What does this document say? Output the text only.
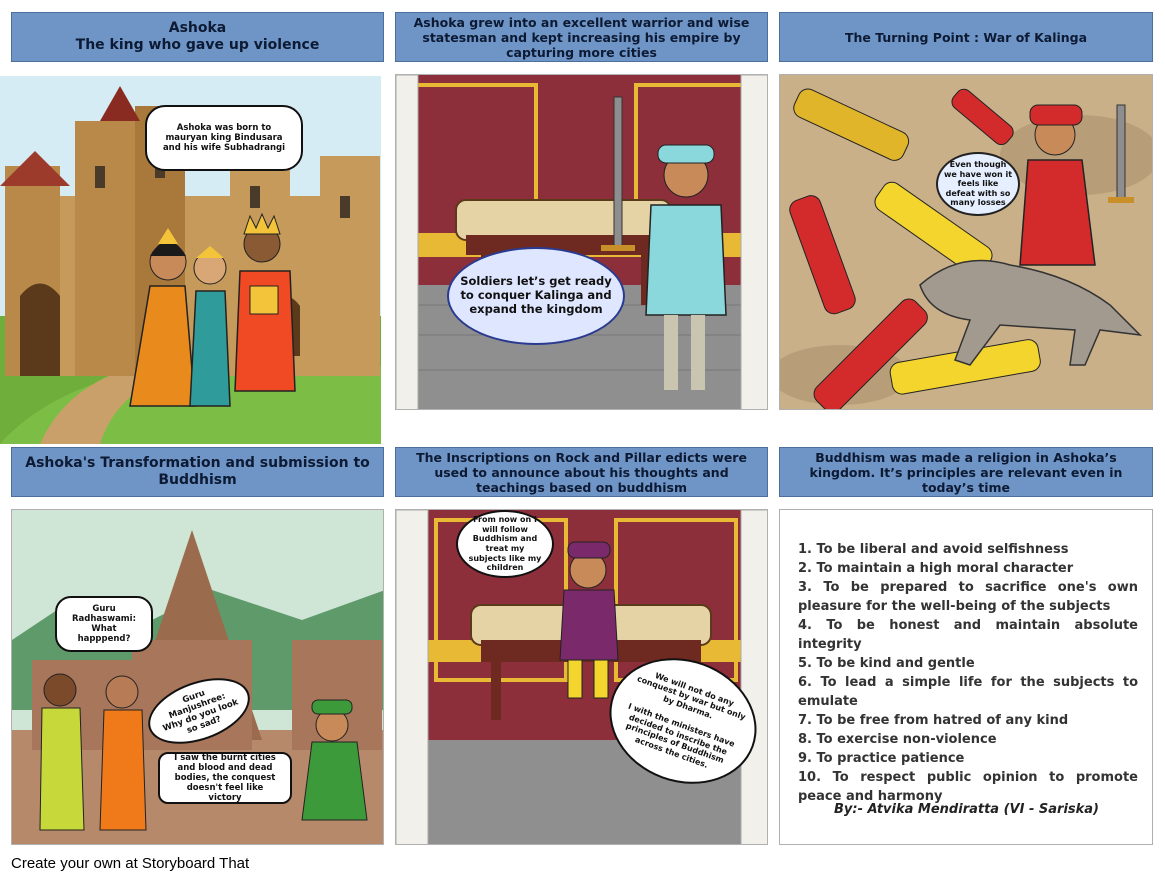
Ashoka
The king who gave up violence
Ashoka grew into an excellent warrior and wise statesman and kept increasing his empire by capturing more cities
The Turning Point : War of Kalinga
Ashoka was born to mauryan king Bindusara and his wife Subhadrangi
Soldiers let’s get ready to conquer Kalinga and expand the kingdom
Even though we have won it feels like defeat with so many losses
Ashoka's Transformation and submission to Buddhism
The Inscriptions on Rock and Pillar edicts were used to announce about his thoughts and teachings based on buddhism
Buddhism was made a religion in Ashoka’s kingdom. It’s principles are relevant even in today’s time
Guru Radhaswami: What happpend?
Guru Manjushree: Why do you look so sad?
I saw the burnt cities and blood and dead bodies, the conquest doesn't feel like victory
From now on I will follow Buddhism and treat my subjects like my children
We will not do any conquest by war but only by Dharma.

I with the ministers have decided to inscribe the principles of Buddhism across the cities.
1. To be liberal and avoid selfishness
2. To maintain a high moral character
3. To be prepared to sacrifice one's own pleasure for the well-being of the subjects
4. To be honest and maintain absolute integrity
5. To be kind and gentle
6. To lead a simple life for the subjects to emulate
7. To be free from hatred of any kind
8. To exercise non-violence
9. To practice patience
10. To respect public opinion to promote peace and harmony
By:- Atvika Mendiratta (VI - Sariska)
Create your own at Storyboard That
